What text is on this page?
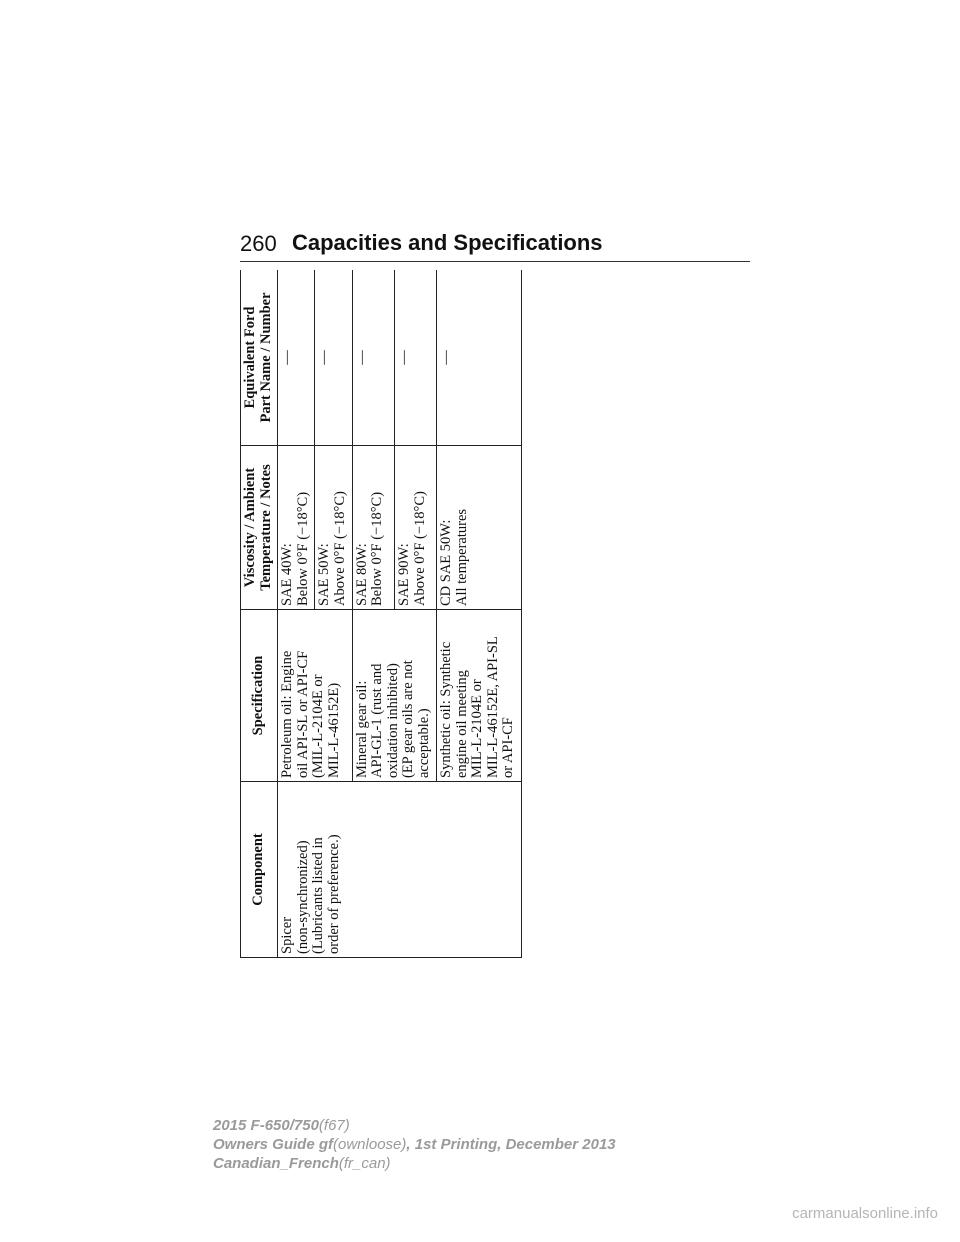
260 Capacities and Specifications
Component	Specification	Viscosity / Ambient Temperature / Notes	Equivalent Ford Part Name / Number

Spicer (non-synchronized) (Lubricants listed in order of preference.)	Petroleum oil: Engine oil API-SL or API-CF (MIL-L-2104E or MIL-L-46152E)	SAE 40W: Below 0°F (−18°C)	—

		SAE 50W: Above 0°F (−18°C)	—

	Mineral gear oil: API-GL-1 (rust and oxidation inhibited) (EP gear oils are not acceptable.)	SAE 80W: Below 0°F (−18°C)	—

		SAE 90W: Above 0°F (−18°C)	—

	Synthetic oil: Synthetic engine oil meeting MIL-L-2104E or MIL-L-46152E, API-SL or API-CF	CD SAE 50W: All temperatures	—
2015 F-650/750(f67)
Owners Guide gf(ownloose), 1st Printing, December 2013
Canadian_French(fr_can)
carmanualsonline.info
